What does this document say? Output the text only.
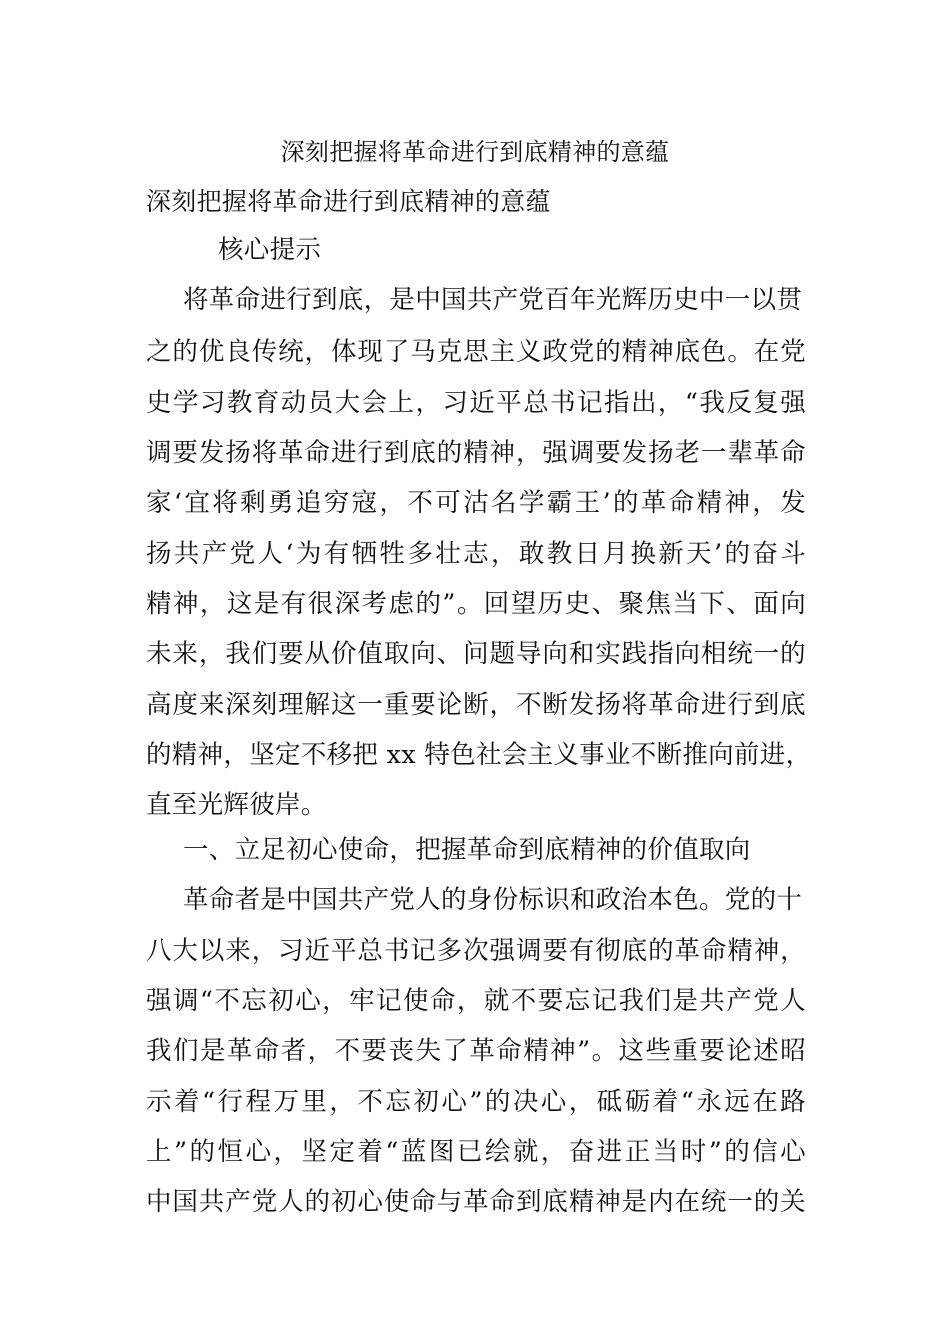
深刻把握将革命进行到底精神的意蕴
深刻把握将革命进行到底精神的意蕴
核心提示
将革命进行到底，是中国共产党百年光辉历史中一以贯
之的优良传统，体现了马克思主义政党的精神底色。在党
史学习教育动员大会上，习近平总书记指出，“我反复强
调要发扬将革命进行到底的精神，强调要发扬老一辈革命
家‘宜将剩勇追穷寇，不可沽名学霸王’的革命精神，发
扬共产党人‘为有牺牲多壮志，敢教日月换新天’的奋斗
精神，这是有很深考虑的”。回望历史、聚焦当下、面向
未来，我们要从价值取向、问题导向和实践指向相统一的
高度来深刻理解这一重要论断，不断发扬将革命进行到底
的精神，坚定不移把 xx 特色社会主义事业不断推向前进，
直至光辉彼岸。
一、立足初心使命，把握革命到底精神的价值取向
革命者是中国共产党人的身份标识和政治本色。党的十
八大以来，习近平总书记多次强调要有彻底的革命精神，
强调“不忘初心，牢记使命，就不要忘记我们是共产党人
我们是革命者，不要丧失了革命精神”。这些重要论述昭
示着“行程万里，不忘初心”的决心，砥砺着“永远在路
上”的恒心，坚定着“蓝图已绘就，奋进正当时”的信心
中国共产党人的初心使命与革命到底精神是内在统一的关
